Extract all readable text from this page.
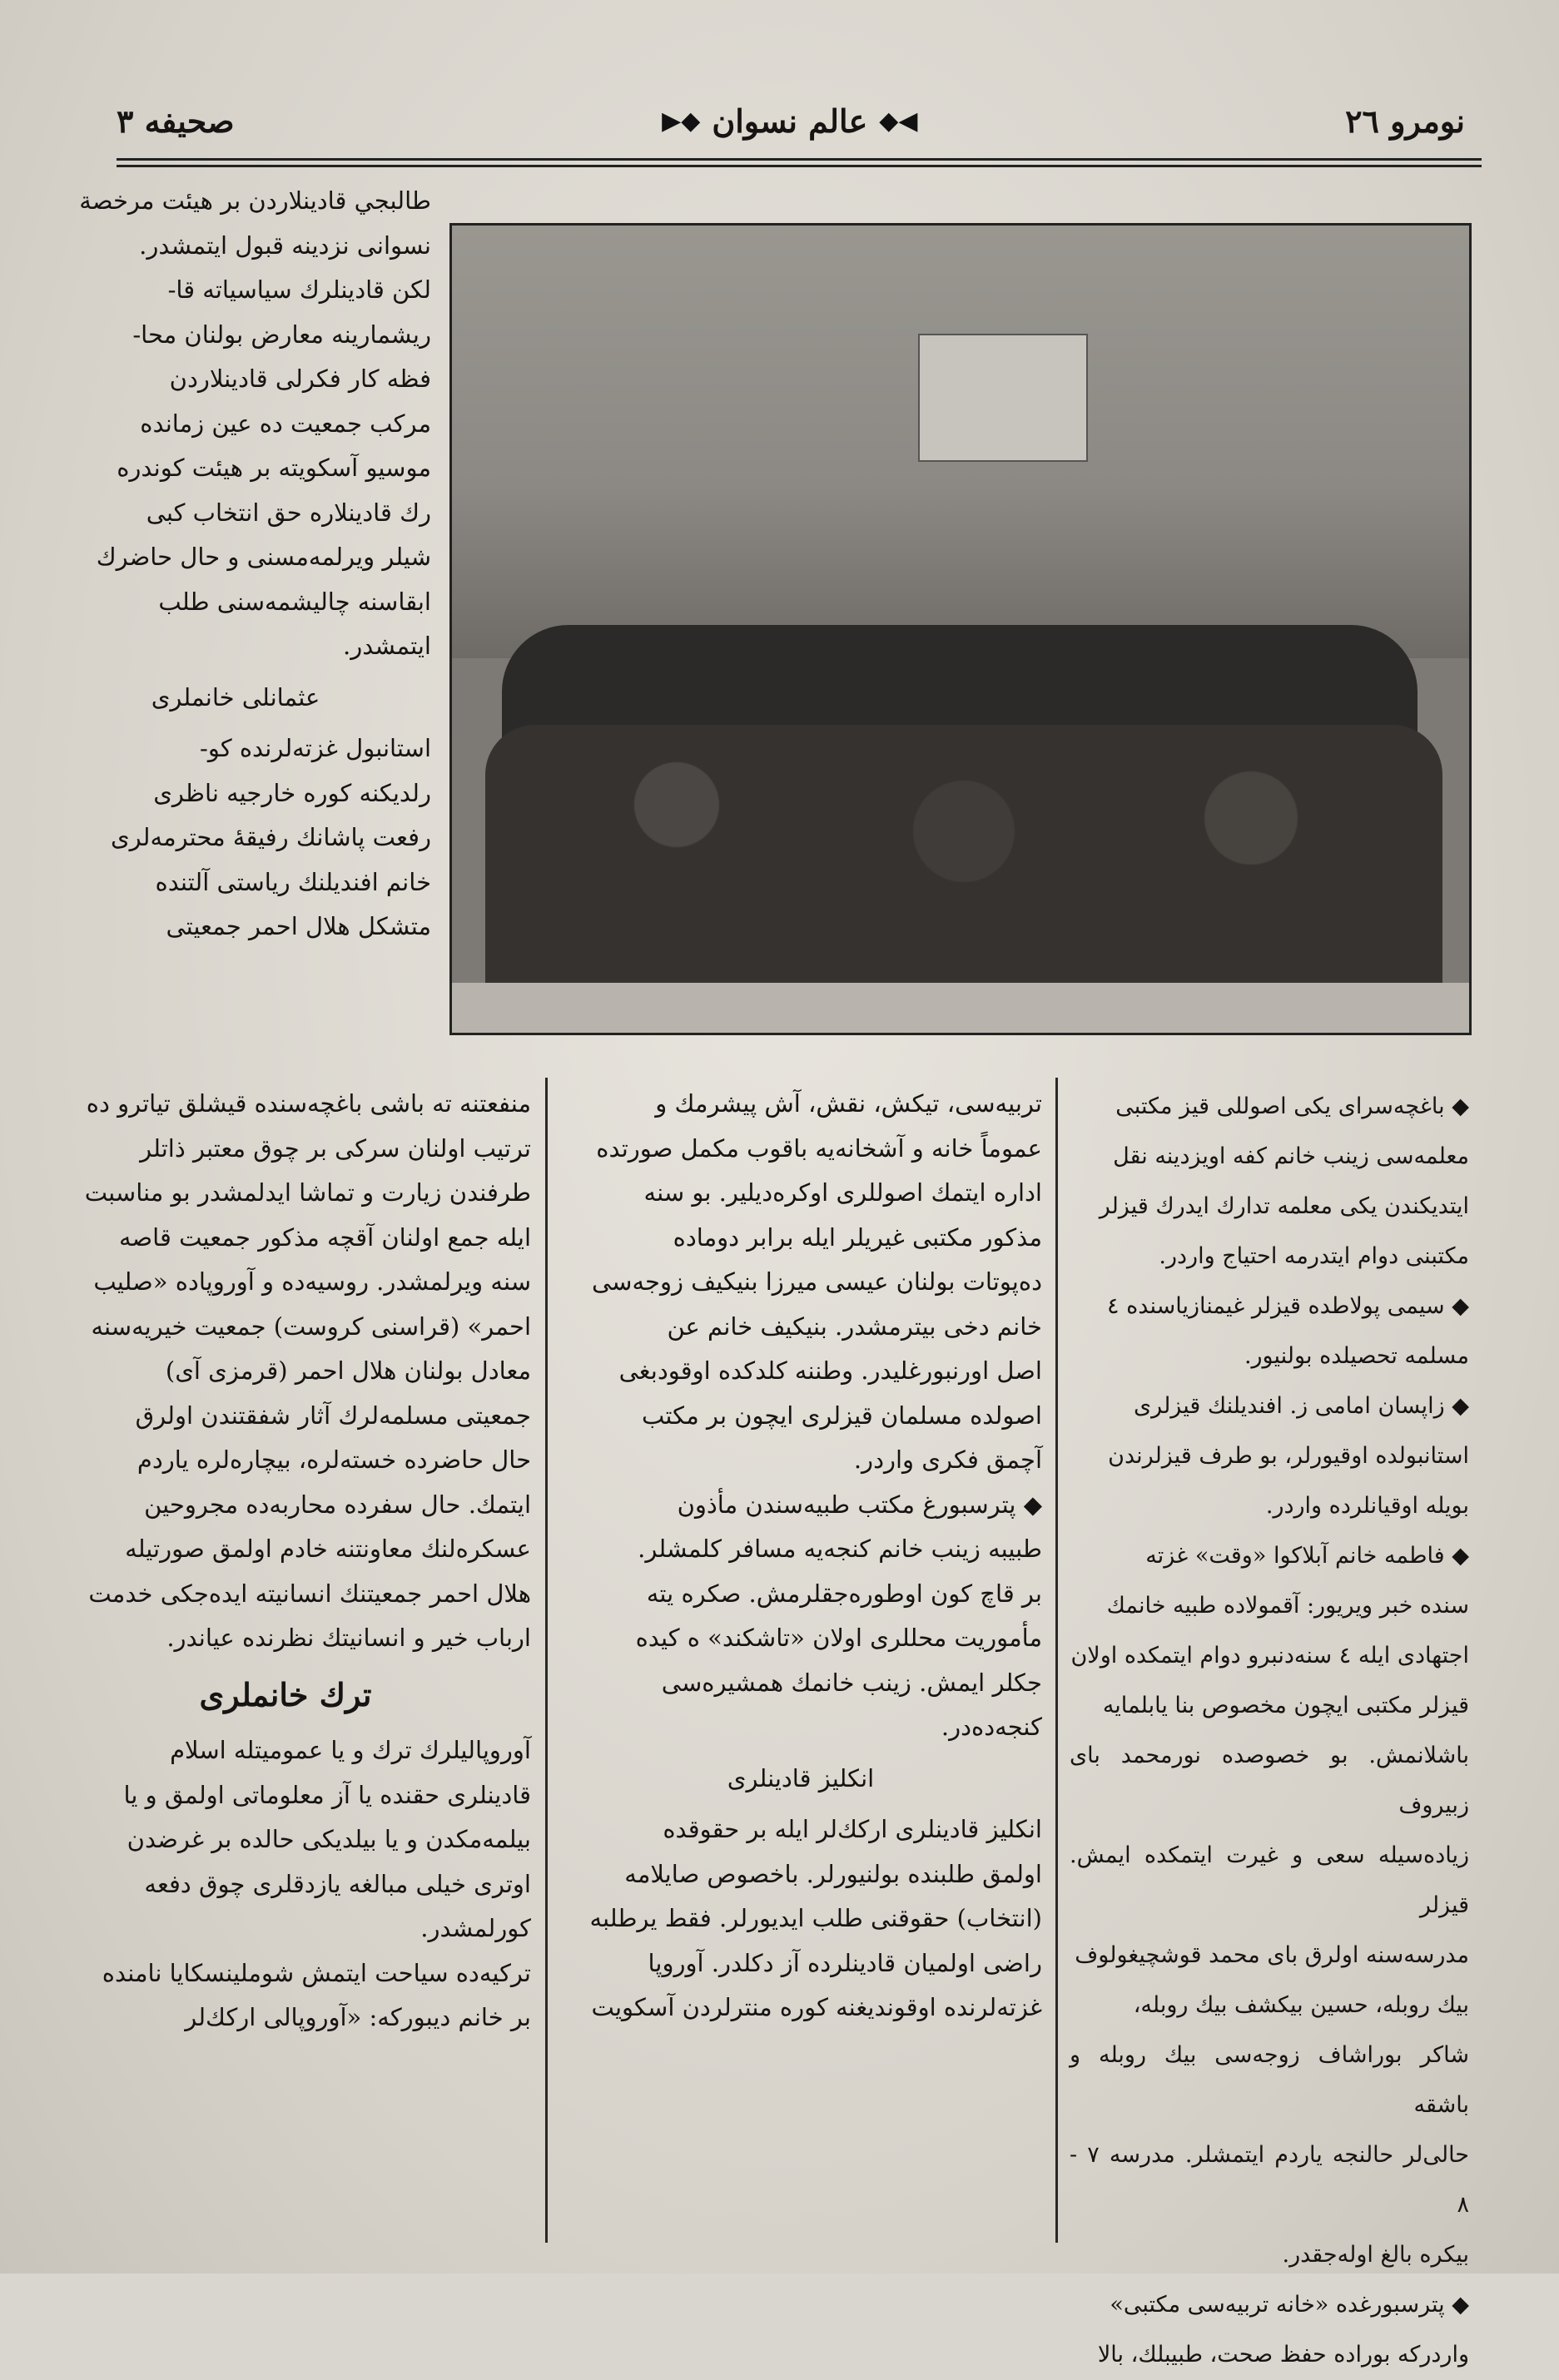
نومرو ٢٦
◀◆
عالم نسوان
◆▶
صحيفه ٣

طالبجي قادينلاردن بر هيئت مرخصة

نسوانى نزدينه قبول ايتمشدر.

لكن قادينلرك سياسياته قا-

ريشمارينه معارض بولنان محا-

فظه كار فكرلى قادينلاردن

مركب جمعيت ده عين زمانده

موسيو آسكويته بر هيئت كوندره

رك قادينلاره حق انتخاب كبى

شيلر ويرلمه‌مسنى و حال حاضرك

ابقاسنه چاليشمه‌سنى طلب

ايتمشدر.

عثمانلى خانملرى

استانبول غزته‌لرنده كو-

رلديكنه كوره خارجيه ناظرى

رفعت پاشانك رفيقۀ محترمه‌لرى

خانم افنديلنك رياستى آلتنده

متشكل هلال احمر جمعيتى

منفعتنه ته باشى باغچه‌سنده قيشلق تياترو ده

ترتيب اولنان سركى بر چوق معتبر ذاتلر

طرفندن زيارت و تماشا ايدلمشدر بو مناسبت

ايله جمع اولنان آقچه مذكور جمعيت قاصه

سنه ويرلمشدر. روسيه‌ده و آوروپاده «صليب

احمر» (قراسنى كروست) جمعيت خيريه‌سنه

معادل بولنان هلال احمر (قرمزى آى)

جمعيتى مسلمه‌لرك آثار شفقتندن اولرق

حال حاضرده خسته‌لره، بيچاره‌لره ياردم

ايتمك. حال سفرده محاربه‌ده مجروحين

عسكره‌لنك معاونتنه خادم اولمق صورتيله

هلال احمر جمعيتنك انسانيته ايده‌جكى خدمت

ارباب خير و انسانيتك نظرنده عياندر.

ترك خانملرى

آوروپاليلرك ترك و يا عموميتله اسلام

قادينلرى حقنده يا آز معلوماتى اولمق و يا

بيلمه‌مكدن و يا بيلديكى حالده بر غرضدن

اوترى خيلى مبالغه يازدقلرى چوق دفعه

كورلمشدر.

تركيه‌ده سياحت ايتمش شوملينسكايا نامنده

بر خانم ديبوركه: «آوروپالى اركك‌لر

تربيه‌سى، تيكش، نقش، آش پيشرمك و

عموماً خانه و آشخانه‌يه باقوب مكمل صورتده

اداره ايتمك اصوللرى اوكره‌ديلير. بو سنه

مذكور مكتبى غيريلر ايله برابر دوماده

ده‌پوتات بولنان عيسى ميرزا بنيكيف زوجه‌سى

خانم دخى بيترمشدر. بنيكيف خانم عن

اصل اورنبورغليدر. وطننه كلدكده اوقودبغى

اصولده مسلمان قيزلرى ايچون بر مكتب

آچمق فكرى واردر.

◆ پترسبورغ مكتب طبيه‌سندن مأذون

طبيبه زينب خانم كنجه‌يه مسافر كلمشلر.

بر قاچ كون اوطوره‌جقلرمش. صكره يته

مأموريت محللرى اولان «تاشكند» ه كيده

جكلر ايمش. زينب خانمك همشيره‌سى

كنجه‌ده‌در.

انكليز قادينلرى

انكليز قادينلرى اركك‌لر ايله بر حقوقده

اولمق طلبنده بولنيورلر. باخصوص صايلامه

(انتخاب) حقوقنى طلب ايديورلر. فقط يرطلبه

راضى اولميان قادينلرده آز دكلدر. آوروپا

غزته‌لرنده اوقونديغنه كوره منترلردن آسكويت

◆ باغچه‌سراى يكى اصوللى قيز مكتبى

معلمه‌سى زينب خانم كفه اويزدينه نقل

ايتديكندن يكى معلمه تدارك ايدرك قيزلر

مكتبنى دوام ايتدرمه احتياج واردر.

◆ سيمى پولاطده قيزلر غيمنازياسنده ٤

مسلمه تحصيلده بولنيور.

◆ زاپسان امامى ز. افنديلنك قيزلرى

استانبولده اوقيورلر، بو طرف قيزلرندن

بويله اوقيانلرده واردر.

◆ فاطمه خانم آبلاكوا «وقت» غزته

سنده خبر ويريور: آقمولاده طبيه خانمك

اجتهادى ايله ٤ سنه‌دنبرو دوام ايتمكده اولان

قيزلر مكتبى ايچون مخصوص بنا يابلمايه

باشلانمش. بو خصوصده نورمحمد باى زبيروف

زياده‌سيله سعى و غيرت ايتمكده ايمش. قيزلر

مدرسه‌سنه اولرق باى محمد قوشچيغولوف

بيك روبله، حسين بيكشف بيك روبله،

شاكر بوراشاف زوجه‌سى بيك روبله و باشقه

حالى‌لر حالنجه ياردم ايتمشلر. مدرسه ٧ - ٨

بيكره بالغ اوله‌جقدر.

◆ پترسبورغده «خانه تربيه‌سى مكتبى»

واردركه بوراده حفظ صحت، طبيبلك، بالا
